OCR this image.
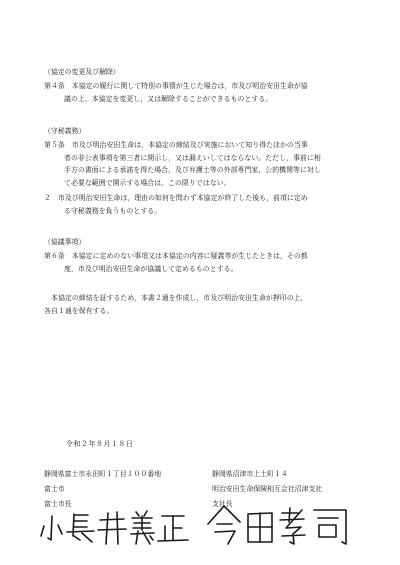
（協定の変更及び解除）
第４条　本協定の履行に関して特別の事情が生じた場合は，市及び明治安田生命が協
議の上，本協定を変更し，又は解除することができるものとする。
（守秘義務）
第５条　市及び明治安田生命は，本協定の締結及び実施において知り得たほかの当事
者の非公表事項を第三者に開示し，又は漏えいしてはならない。ただし，事前に相
手方の書面による承諾を得た場合，及び弁護士等の外部専門家，公的機関等に対し
て必要な範囲で開示する場合は，この限りではない。
２　市及び明治安田生命は，理由の如何を問わず本協定が終了した後も，前項に定め
る守秘義務を負うものとする。
（協議事項）
第６条　本協定に定めのない事項又は本協定の内容に疑義等が生じたときは，その都
度，市及び明治安田生命が協議して定めるものとする。
本協定の締結を証するため，本書２通を作成し，市及び明治安田生命が押印の上，
各自１通を保有する。
令和２年８月１８日
静岡県富士市永田町１丁目１００番地
富士市
富士市長
静岡県沼津市上土町１４
明治安田生命保険相互会社沼津支社
支社長
